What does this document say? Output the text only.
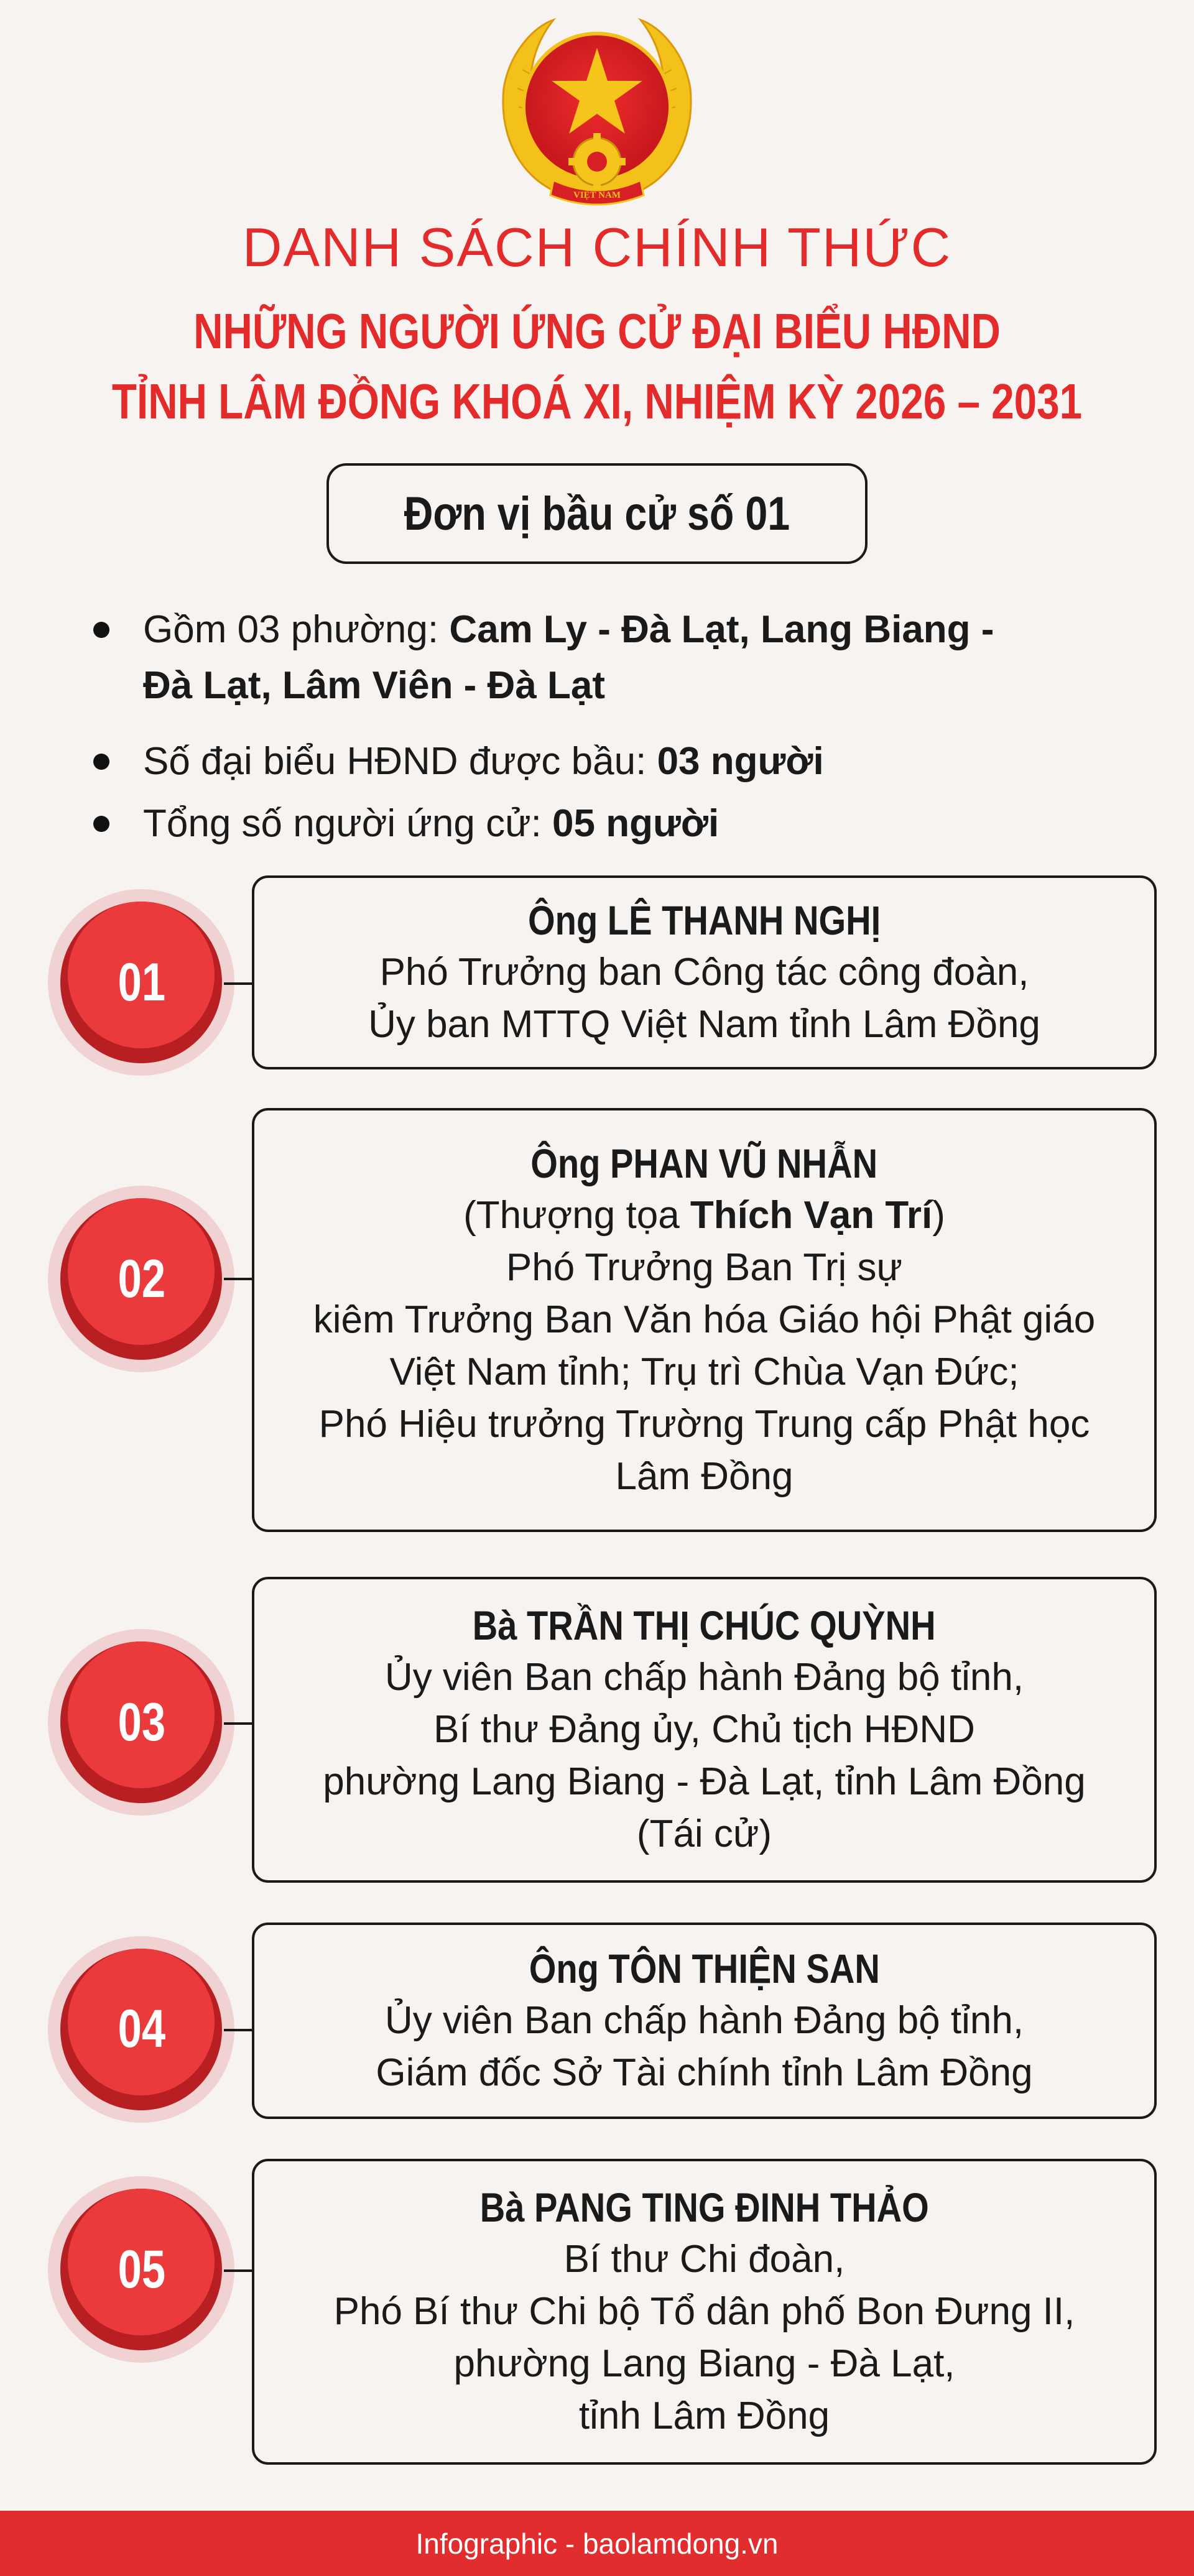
VIỆT NAM
DANH SÁCH CHÍNH THỨC
NHỮNG NGƯỜI ỨNG CỬ ĐẠI BIỂU HĐND
TỈNH LÂM ĐỒNG KHOÁ XI, NHIỆM KỲ 2026 – 2031
Đơn vị bầu cử số 01
Gồm 03 phường: Cam Ly - Đà Lạt, Lang Biang -
Đà Lạt, Lâm Viên - Đà Lạt
Số đại biểu HĐND được bầu: 03 người
Tổng số người ứng cử: 05 người
01
Ông LÊ THANH NGHỊ
Phó Trưởng ban Công tác công đoàn,
Ủy ban MTTQ Việt Nam tỉnh Lâm Đồng
02
Ông PHAN VŨ NHẪN
(Thượng tọa Thích Vạn Trí)
Phó Trưởng Ban Trị sự
kiêm Trưởng Ban Văn hóa Giáo hội Phật giáo
Việt Nam tỉnh; Trụ trì Chùa Vạn Đức;
Phó Hiệu trưởng Trường Trung cấp Phật học
Lâm Đồng
03
Bà TRẦN THỊ CHÚC QUỲNH
Ủy viên Ban chấp hành Đảng bộ tỉnh,
Bí thư Đảng ủy, Chủ tịch HĐND
phường Lang Biang - Đà Lạt, tỉnh Lâm Đồng
(Tái cử)
04
Ông TÔN THIỆN SAN
Ủy viên Ban chấp hành Đảng bộ tỉnh,
Giám đốc Sở Tài chính tỉnh Lâm Đồng
05
Bà PANG TING ĐINH THẢO
Bí thư Chi đoàn,
Phó Bí thư Chi bộ Tổ dân phố Bon Đưng II,
phường Lang Biang - Đà Lạt,
tỉnh Lâm Đồng
Infographic - baolamdong.vn
